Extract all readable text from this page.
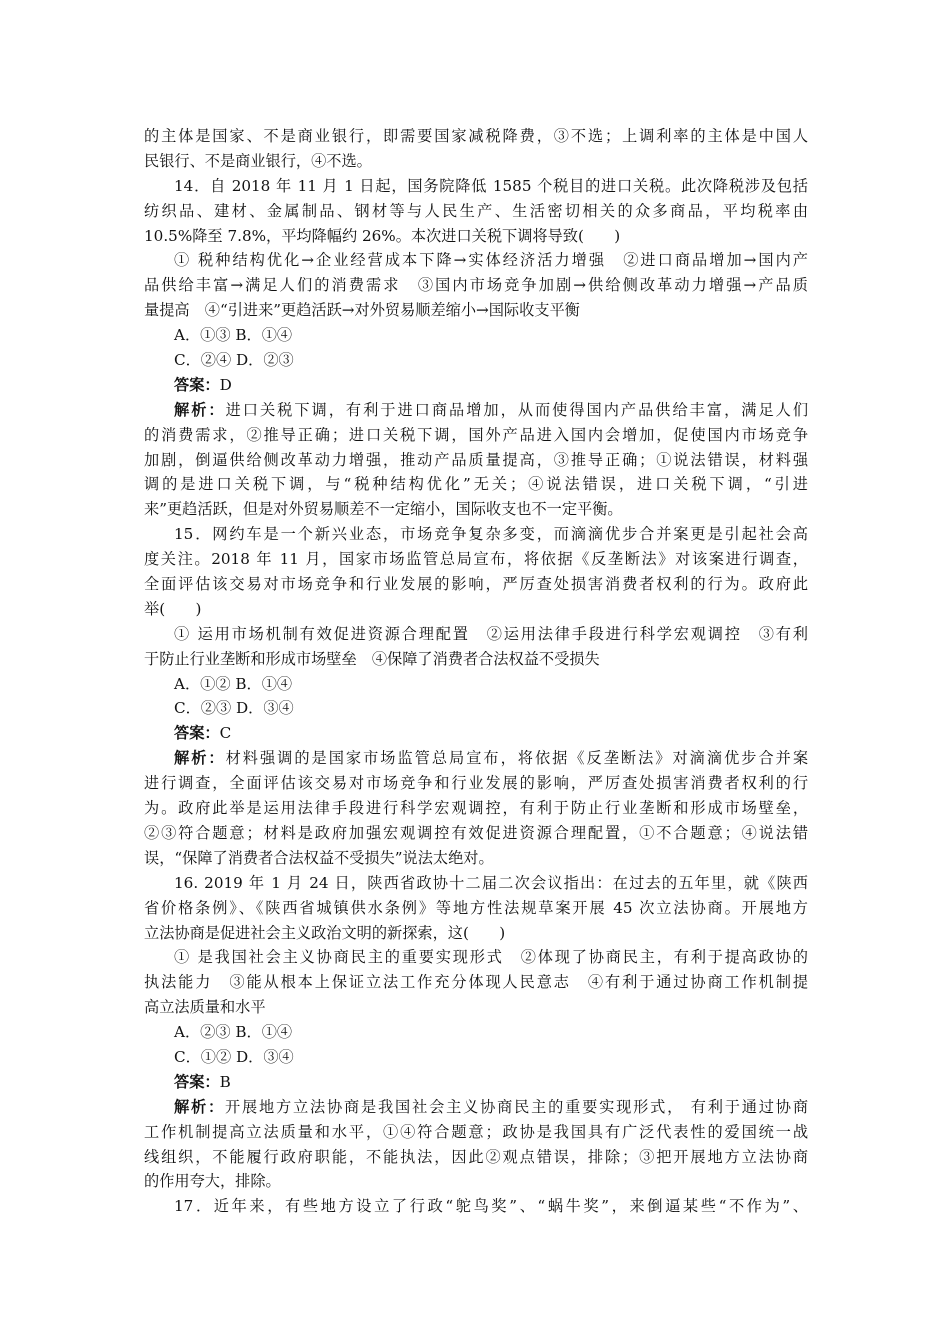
的主体是国家、不是商业银行，即需要国家减税降费，③不选；上调利率的主体是中国人
民银行、不是商业银行，④不选。
14．自 2018 年 11 月 1 日起，国务院降低 1585 个税目的进口关税。此次降税涉及包括
纺织品、建材、金属制品、钢材等与人民生产、生活密切相关的众多商品，平均税率由
10.5%降至 7.8%，平均降幅约 26%。本次进口关税下调将导致(　　)
① 税种结构优化→企业经营成本下降→实体经济活力增强　②进口商品增加→国内产
品供给丰富→满足人们的消费需求　③国内市场竞争加剧→供给侧改革动力增强→产品质
量提高　④“引进来”更趋活跃→对外贸易顺差缩小→国际收支平衡
A．①③ B．①④
C．②④ D．②③
答案：D
解析：进口关税下调，有利于进口商品增加，从而使得国内产品供给丰富，满足人们
的消费需求，②推导正确；进口关税下调，国外产品进入国内会增加，促使国内市场竞争
加剧，倒逼供给侧改革动力增强，推动产品质量提高，③推导正确；①说法错误，材料强
调的是进口关税下调，与“税种结构优化”无关；④说法错误，进口关税下调，“引进
来”更趋活跃，但是对外贸易顺差不一定缩小，国际收支也不一定平衡。
15．网约车是一个新兴业态，市场竞争复杂多变，而滴滴优步合并案更是引起社会高
度关注。2018 年 11 月，国家市场监管总局宣布，将依据《反垄断法》对该案进行调查，
全面评估该交易对市场竞争和行业发展的影响，严厉查处损害消费者权利的行为。政府此
举(　　)
① 运用市场机制有效促进资源合理配置　②运用法律手段进行科学宏观调控　③有利
于防止行业垄断和形成市场壁垒　④保障了消费者合法权益不受损失
A．①② B．①④
C．②③ D．③④
答案：C
解析：材料强调的是国家市场监管总局宣布，将依据《反垄断法》对滴滴优步合并案
进行调查，全面评估该交易对市场竞争和行业发展的影响，严厉查处损害消费者权利的行
为。政府此举是运用法律手段进行科学宏观调控，有利于防止行业垄断和形成市场壁垒，
②③符合题意；材料是政府加强宏观调控有效促进资源合理配置，①不合题意；④说法错
误，“保障了消费者合法权益不受损失”说法太绝对。
16. 2019 年 1 月 24 日，陕西省政协十二届二次会议指出：在过去的五年里，就《陕西
省价格条例》、《陕西省城镇供水条例》等地方性法规草案开展 45 次立法协商。开展地方
立法协商是促进社会主义政治文明的新探索，这(　　)
① 是我国社会主义协商民主的重要实现形式　②体现了协商民主，有利于提高政协的
执法能力　③能从根本上保证立法工作充分体现人民意志　④有利于通过协商工作机制提
高立法质量和水平
A．②③ B．①④
C．①② D．③④
答案：B
解析：开展地方立法协商是我国社会主义协商民主的重要实现形式， 有利于通过协商
工作机制提高立法质量和水平，①④符合题意；政协是我国具有广泛代表性的爱国统一战
线组织，不能履行政府职能，不能执法，因此②观点错误，排除；③把开展地方立法协商
的作用夸大，排除。
17．近年来，有些地方设立了行政“鸵鸟奖”、“蜗牛奖”，来倒逼某些“不作为”、
